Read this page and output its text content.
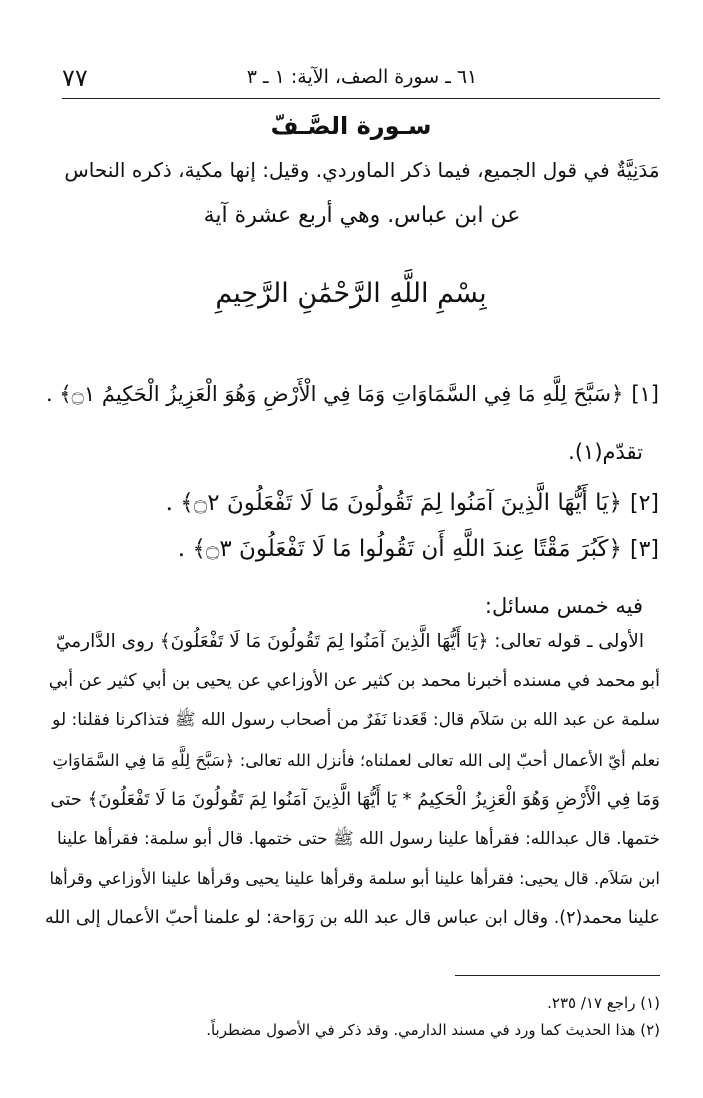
٧٧	٦١ ـ سورة الصف، الآية: ١ ـ ٣
سـورة الصَّـفّ
مَدَنِيَّةٌ في قول الجميع، فيما ذكر الماوردي. وقيل: إنها مكية، ذكره النحاس
عن ابن عباس. وهي أربع عشرة آية
بِسْمِ اللَّهِ الرَّحْمَٰنِ الرَّحِيمِ
[١]
﴿سَبَّحَ لِلَّهِ مَا فِي السَّمَاوَاتِ وَمَا فِي الْأَرْضِ وَهُوَ الْعَزِيزُ الْحَكِيمُ ۝١﴾ .
تقدّم(١).
[٢]
﴿يَا أَيُّهَا الَّذِينَ آمَنُوا لِمَ تَقُولُونَ مَا لَا تَفْعَلُونَ ۝٢﴾ .
[٣]
﴿كَبُرَ مَقْتًا عِندَ اللَّهِ أَن تَقُولُوا مَا لَا تَفْعَلُونَ ۝٣﴾ .
فيه خمس مسائل:
الأولى ـ قوله تعالى: ﴿يَا أَيُّهَا الَّذِينَ آمَنُوا لِمَ تَقُولُونَ مَا لَا تَفْعَلُونَ﴾ روى الدَّارميّ
أبو محمد في مسنده أخبرنا محمد بن كثير عن الأوزاعي عن يحيى بن أبي كثير عن أبي
سلمة عن عبد الله بن سَلاَم قال: قَعَدنا نَفَرٌ من أصحاب رسول الله ﷺ فتذاكرنا فقلنا: لو
نعلم أيّ الأعمال أحبّ إلى الله تعالى لعملناه؛ فأنزل الله تعالى: ﴿سَبَّحَ لِلَّهِ مَا فِي السَّمَاوَاتِ
وَمَا فِي الْأَرْضِ وَهُوَ الْعَزِيزُ الْحَكِيمُ * يَا أَيُّهَا الَّذِينَ آمَنُوا لِمَ تَقُولُونَ مَا لَا تَفْعَلُونَ﴾ حتى
ختمها. قال عبدالله: فقرأها علينا رسول الله ﷺ حتى ختمها. قال أبو سلمة: فقرأها علينا
ابن سَلاَم. قال يحيى: فقرأها علينا أبو سلمة وقرأها علينا يحيى وقرأها علينا الأوزاعي وقرأها
علينا محمد(٢). وقال ابن عباس قال عبد الله بن رَوَاحة: لو علمنا أحبّ الأعمال إلى الله
(١) راجع ١٧/ ٢٣٥.
(٢) هذا الحديث كما ورد في مسند الدارمي. وقد ذكر في الأصول مضطرباً.
